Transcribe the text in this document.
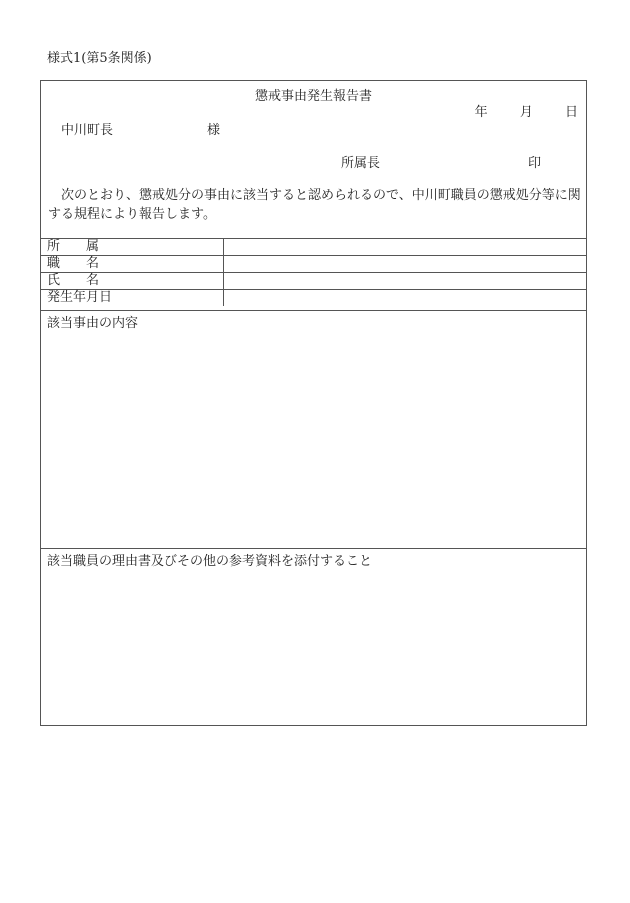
様式1(第5条関係)
懲戒事由発生報告書
年 月 日
中川町長	様
所属長	印
次のとおり、懲戒処分の事由に該当すると認められるので、中川町職員の懲戒処分等に関する規程により報告します。
所　　属	
職　　名	
氏　　名	
発生年月日	
該当事由の内容
該当職員の理由書及びその他の参考資料を添付すること
